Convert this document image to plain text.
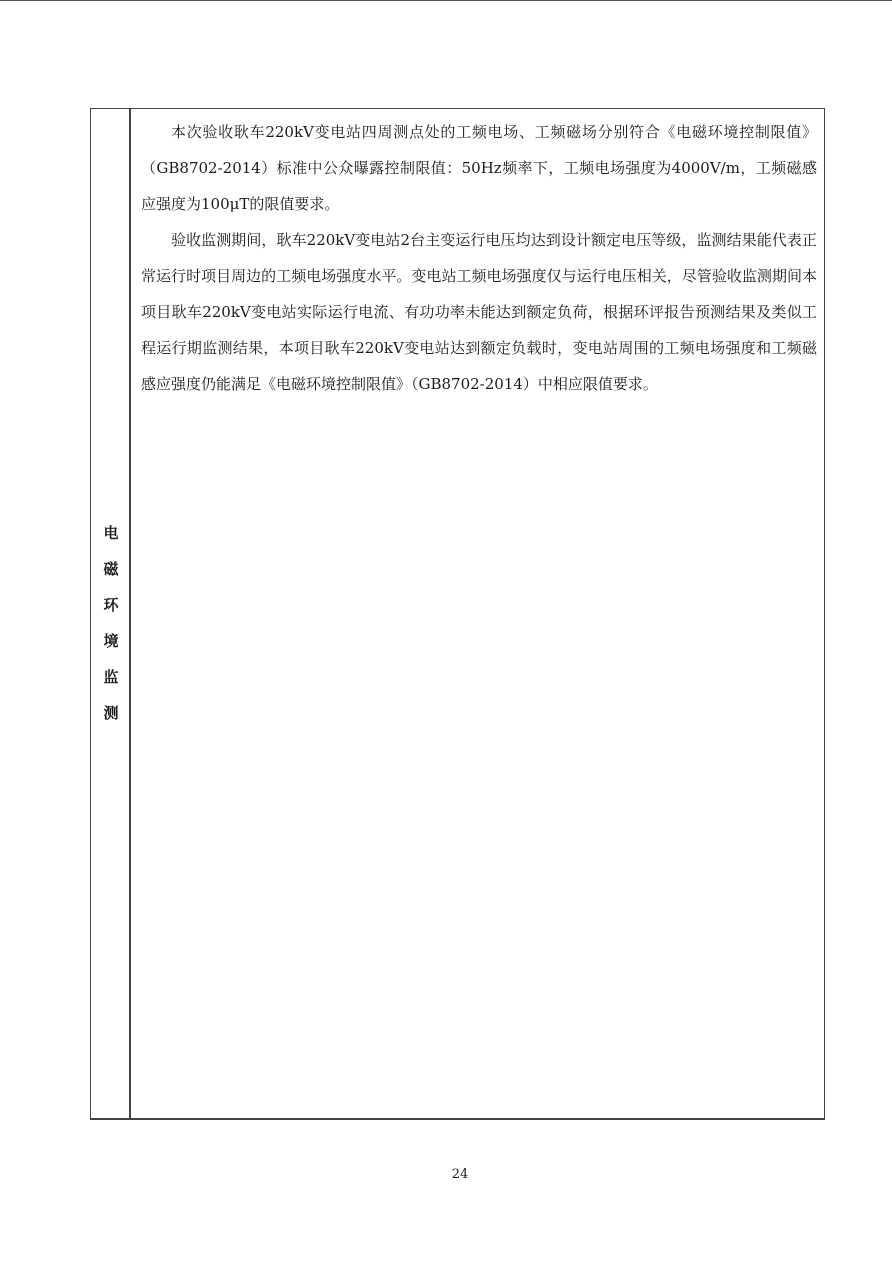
电
磁
环
境
监
测

本次验收耿车220kV变电站四周测点处的工频电场、工频磁场分别符合《电磁环境控制限值》（GB8702-2014）标准中公众曝露控制限值：50Hz频率下，工频电场强度为4000V/m，工频磁感应强度为100μT的限值要求。

验收监测期间，耿车220kV变电站2台主变运行电压均达到设计额定电压等级，监测结果能代表正常运行时项目周边的工频电场强度水平。变电站工频电场强度仅与运行电压相关，尽管验收监测期间本项目耿车220kV变电站实际运行电流、有功功率未能达到额定负荷，根据环评报告预测结果及类似工程运行期监测结果，本项目耿车220kV变电站达到额定负载时，变电站周围的工频电场强度和工频磁感应强度仍能满足《电磁环境控制限值》（GB8702-2014）中相应限值要求。

24
